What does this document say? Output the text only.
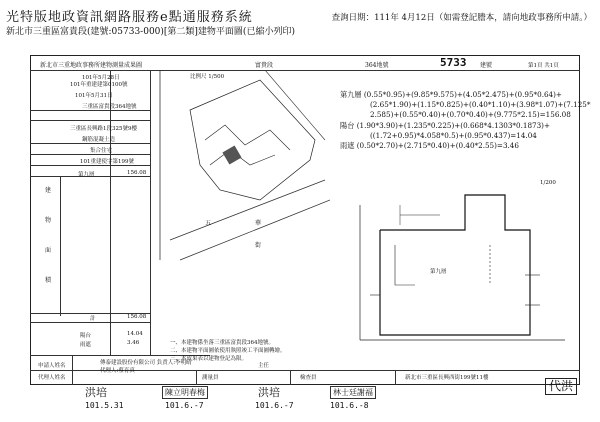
光特版地政資訊網路服務e點通服務系統
新北市三重區富貴段(建號:05733-000)[第二類]建物平面圖(已縮小列印)
查詢日期：111年 4月12日（如需登記謄本，請向地政事務所申請。）
新北市三重地政事務所建物測量成果圖	富貴段	364地號	5733 建號	第1頁 共1頁
101年5月28日
101年重建建第0100號
101年5月31日
三重區富貴段364地號
三重區長興路1段325號9樓
鋼筋混凝土造
集合住宅
101重建使字第199號
第九層	156.08
建
物
面
積
計	156.08
陽台	14.04
雨遮	3.46	一、本建物係坐落三重區富貴段364地號。
二、本建物平面圖依使用執照竣工平面圖轉繪。
三、本成果表以建物登記為限。
比例尺 1/500
五	華
街
第九層 (0.55*0.95)+(9.85*9.575)+(4.05*2.475)+(0.95*0.64)+
(2.65*1.90)+(1.15*0.825)+(0.40*1.10)+(3.98*1.07)+(7.125*
2.585)+(0.55*0.40)+(0.70*0.40)+(9.775*2.15)=156.08
陽台 (1.90*3.90)+(1.235*0.225)+(0.668*4.1303*0.1873)+
((1.72+0.95)*4.058*0.5)+(0.95*0.437)=14.04
雨遮 (0.50*2.70)+(2.715*0.40)+(0.40*2.55)=3.46
第九層
1/200
申請人姓名	傳泰建設股份有限公司 負責人:李明晴
代理人姓名
代理人:蔡育真
測量員	檢查員
主任
新北市三重區長興西街199號11樓
洪培
101.5.31
陳立明春梅
101.6.-7
洪培
101.6.-7
林士廷謝福
101.6.-8
代洪
